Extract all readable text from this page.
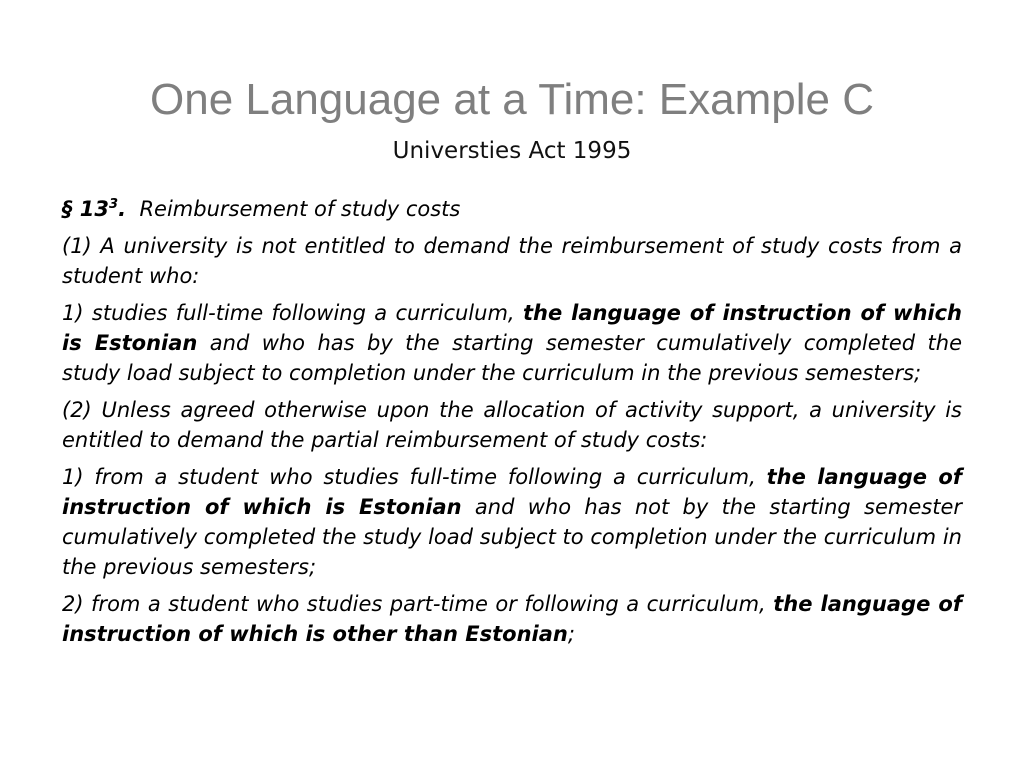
One Language at a Time: Example C
Universties Act 1995

§ $13^3$. Reimbursement of study costs

(1) A university is not entitled to demand the reimbursement of study costs from a student who:

1) studies full-time following a curriculum, the language of instruction of which is Estonian and who has by the starting semester cumulatively completed the study load subject to completion under the curriculum in the previous semesters;

(2) Unless agreed otherwise upon the allocation of activity support, a university is entitled to demand the partial reimbursement of study costs:

1) from a student who studies full-time following a curriculum, the language of instruction of which is Estonian and who has not by the starting semester cumulatively completed the study load subject to completion under the curriculum in the previous semesters;

2) from a student who studies part-time or following a curriculum, the language of instruction of which is other than Estonian;
